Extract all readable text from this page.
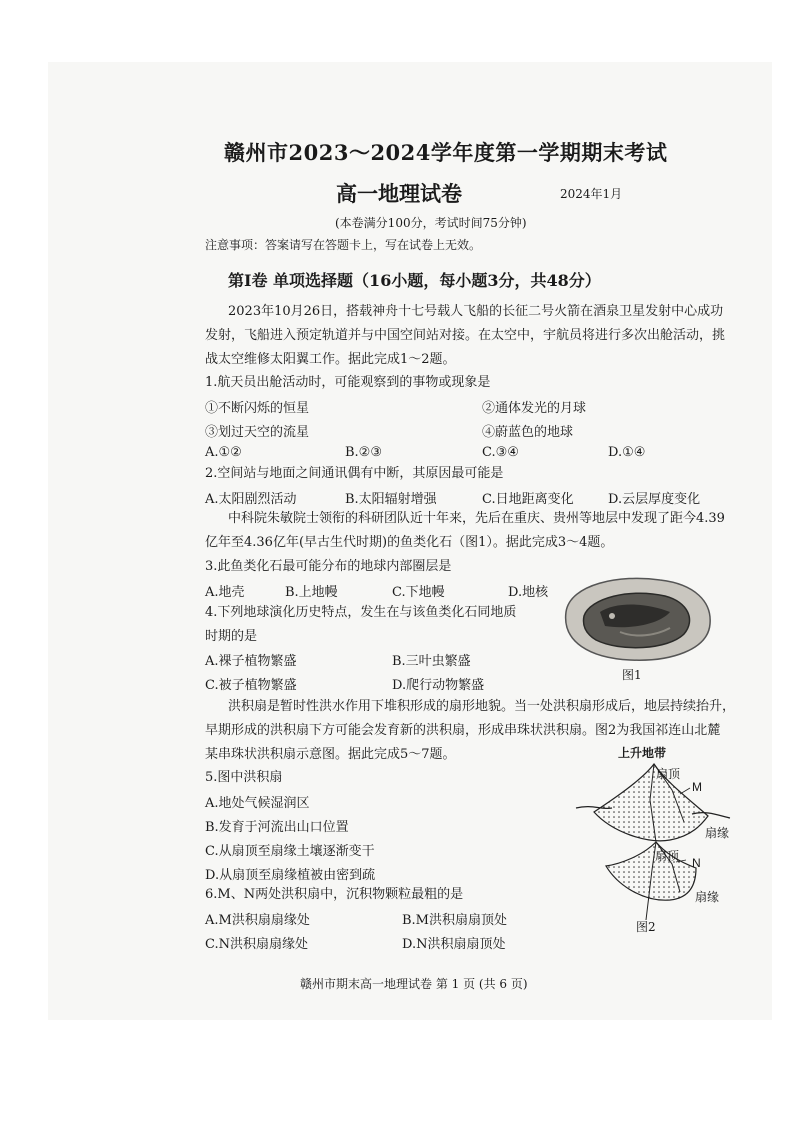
赣州市2023～2024学年度第一学期期末考试
高一地理试卷	2024年1月
(本卷满分100分，考试时间75分钟)
注意事项：答案请写在答题卡上，写在试卷上无效。
第Ⅰ卷 单项选择题（16小题，每小题3分，共48分）
2023年10月26日，搭载神舟十七号载人飞船的长征二号火箭在酒泉卫星发射中心成功
发射，飞船进入预定轨道并与中国空间站对接。在太空中，宇航员将进行多次出舱活动，挑
战太空维修太阳翼工作。据此完成1～2题。
1.航天员出舱活动时，可能观察到的事物或现象是
①不断闪烁的恒星	②通体发光的月球
③划过天空的流星	④蔚蓝色的地球
A.①②	B.②③	C.③④	D.①④
2.空间站与地面之间通讯偶有中断，其原因最可能是
A.太阳剧烈活动	B.太阳辐射增强	C.日地距离变化	D.云层厚度变化
中科院朱敏院士领衔的科研团队近十年来，先后在重庆、贵州等地层中发现了距今4.39
亿年至4.36亿年(早古生代时期)的鱼类化石（图1）。据此完成3～4题。
3.此鱼类化石最可能分布的地球内部圈层是
A.地壳	B.上地幔	C.下地幔	D.地核
4.下列地球演化历史特点，发生在与该鱼类化石同地质
时期的是
A.裸子植物繁盛	B.三叶虫繁盛
C.被子植物繁盛	D.爬行动物繁盛
图1
洪积扇是暂时性洪水作用下堆积形成的扇形地貌。当一处洪积扇形成后，地层持续抬升，
早期形成的洪积扇下方可能会发育新的洪积扇，形成串珠状洪积扇。图2为我国祁连山北麓
某串珠状洪积扇示意图。据此完成5～7题。
5.图中洪积扇
A.地处气候湿润区
B.发育于河流出山口位置
C.从扇顶至扇缘土壤逐渐变干
D.从扇顶至扇缘植被由密到疏
6.M、N两处洪积扇中，沉积物颗粒最粗的是
A.M洪积扇扇缘处	B.M洪积扇扇顶处
C.N洪积扇扇缘处	D.N洪积扇扇顶处
上升地带
扇顶
M
扇缘
扇顶 N
扇缘
图2
赣州市期末高一地理试卷 第 1 页 (共 6 页)
